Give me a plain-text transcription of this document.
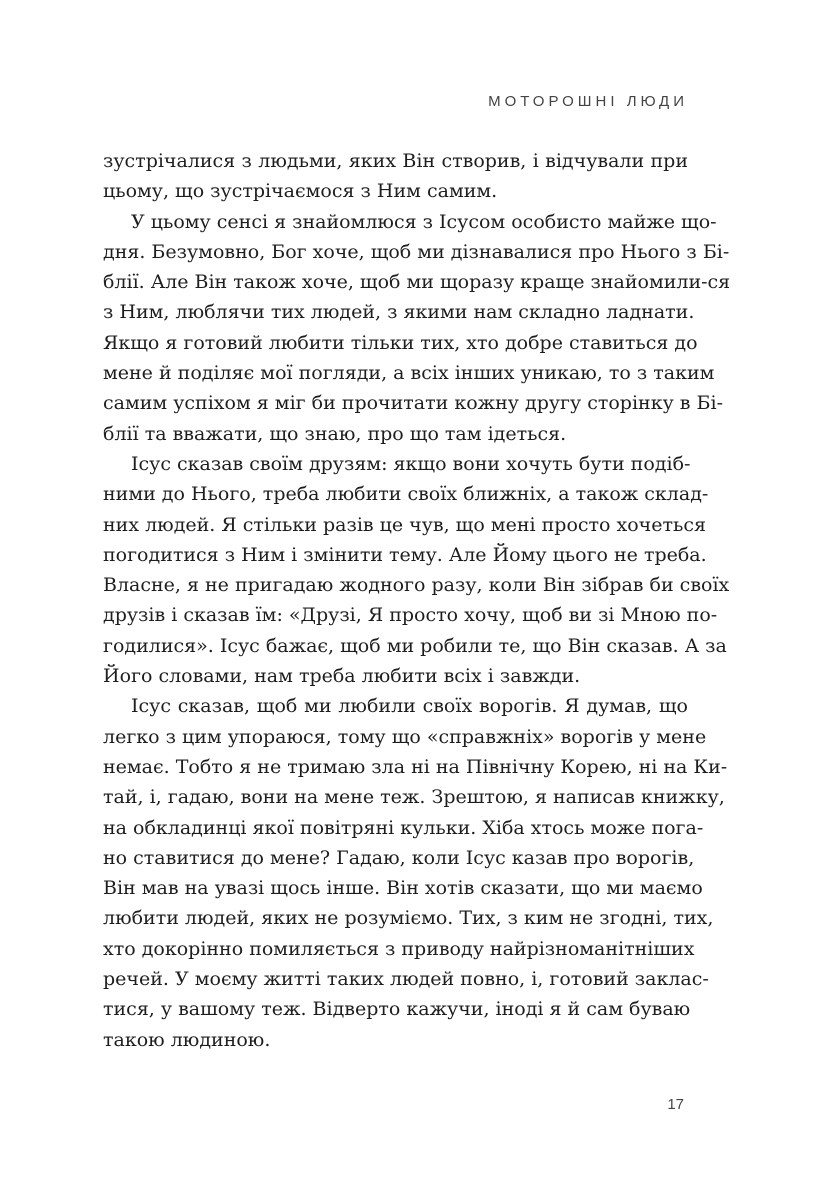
МОТОРОШНІ ЛЮДИ
зустрічалися з людьми, яких Він створив, і відчували при
цьому, що зустрічаємося з Ним самим.
У цьому сенсі я знайомлюся з Ісусом особисто майже що-
дня. Безумовно, Бог хоче, щоб ми дізнавалися про Нього з Бі-
блії. Але Він також хоче, щоб ми щоразу краще знайомили-ся
з Ним, люблячи тих людей, з якими нам складно ладнати.
Якщо я готовий любити тільки тих, хто добре ставиться до
мене й поділяє мої погляди, а всіх інших уникаю, то з таким
самим успіхом я міг би прочитати кожну другу сторінку в Бі-
блії та вважати, що знаю, про що там ідеться.
Ісус сказав своїм друзям: якщо вони хочуть бути подіб-
ними до Нього, треба любити своїх ближніх, а також склад-
них людей. Я стільки разів це чув, що мені просто хочеться
погодитися з Ним і змінити тему. Але Йому цього не треба.
Власне, я не пригадаю жодного разу, коли Він зібрав би своїх
друзів і сказав їм: «Друзі, Я просто хочу, щоб ви зі Мною по-
годилися». Ісус бажає, щоб ми робили те, що Він сказав. А за
Його словами, нам треба любити всіх і завжди.
Ісус сказав, щоб ми любили своїх ворогів. Я думав, що
легко з цим упораюся, тому що «справжніх» ворогів у мене
немає. Тобто я не тримаю зла ні на Північну Корею, ні на Ки-
тай, і, гадаю, вони на мене теж. Зрештою, я написав книжку,
на обкладинці якої повітряні кульки. Хіба хтось може пога-
но ставитися до мене? Гадаю, коли Ісус казав про ворогів,
Він мав на увазі щось інше. Він хотів сказати, що ми маємо
любити людей, яких не розуміємо. Тих, з ким не згодні, тих,
хто докорінно помиляється з приводу найрізноманітніших
речей. У моєму житті таких людей повно, і, готовий заклас-
тися, у вашому теж. Відверто кажучи, іноді я й сам буваю
такою людиною.
17
